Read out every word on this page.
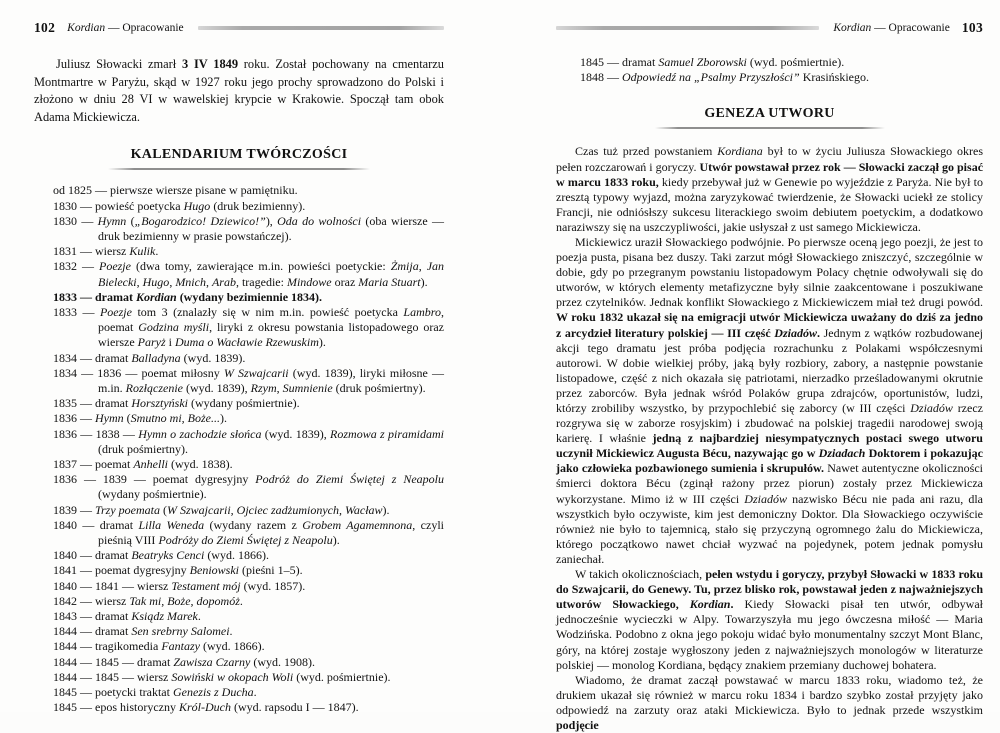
102 Kordian — Opracowanie

Juliusz Słowacki zmarł 3 IV 1849 roku. Został pochowany na cmentarzu Montmartre w Paryżu, skąd w 1927 roku jego prochy sprowadzono do Polski i złożono w dniu 28 VI w wawelskiej krypcie w Krakowie. Spoczął tam obok Adama Mickiewicza.

KALENDARIUM TWÓRCZOŚCI

od 1825 — pierwsze wiersze pisane w pamiętniku.

1830 — powieść poetycka Hugo (druk bezimienny).

1830 — Hymn („Bogarodzico! Dziewico!”), Oda do wolności (oba wiersze — druk bezimienny w prasie powstańczej).

1831 — wiersz Kulik.

1832 — Poezje (dwa tomy, zawierające m.in. powieści poetyckie: Żmija, Jan Bielecki, Hugo, Mnich, Arab, tragedie: Mindowe oraz Maria Stuart).

1833 — dramat Kordian (wydany bezimiennie 1834).

1833 — Poezje tom 3 (znalazły się w nim m.in. powieść poetycka Lambro, poemat Godzina myśli, liryki z okresu powstania listopadowego oraz wiersze Paryż i Duma o Wacławie Rzewuskim).

1834 — dramat Balladyna (wyd. 1839).

1834 — 1836 — poemat miłosny W Szwajcarii (wyd. 1839), liryki miłosne — m.in. Rozłączenie (wyd. 1839), Rzym, Sumnienie (druk pośmiertny).

1835 — dramat Horsztyński (wydany pośmiertnie).

1836 — Hymn (Smutno mi, Boże...).

1836 — 1838 — Hymn o zachodzie słońca (wyd. 1839), Rozmowa z piramidami (druk pośmiertny).

1837 — poemat Anhelli (wyd. 1838).

1836 — 1839 — poemat dygresyjny Podróż do Ziemi Świętej z Neapolu (wydany pośmiertnie).

1839 — Trzy poemata (W Szwajcarii, Ojciec zadżumionych, Wacław).

1840 — dramat Lilla Weneda (wydany razem z Grobem Agamemnona, czyli pieśnią VIII Podróży do Ziemi Świętej z Neapolu).

1840 — dramat Beatryks Cenci (wyd. 1866).

1841 — poemat dygresyjny Beniowski (pieśni 1–5).

1840 — 1841 — wiersz Testament mój (wyd. 1857).

1842 — wiersz Tak mi, Boże, dopomóż.

1843 — dramat Ksiądz Marek.

1844 — dramat Sen srebrny Salomei.

1844 — tragikomedia Fantazy (wyd. 1866).

1844 — 1845 — dramat Zawisza Czarny (wyd. 1908).

1844 — 1845 — wiersz Sowiński w okopach Woli (wyd. pośmiertnie).

1845 — poetycki traktat Genezis z Ducha.

1845 — epos historyczny Król-Duch (wyd. rapsodu I — 1847).

Kordian — Opracowanie 103

1845 — dramat Samuel Zborowski (wyd. pośmiertnie).

1848 — Odpowiedź na „Psalmy Przyszłości” Krasińskiego.

GENEZA UTWORU

Czas tuż przed powstaniem Kordiana był to w życiu Juliusza Słowackiego okres pełen rozczarowań i goryczy. Utwór powstawał przez rok — Słowacki zaczął go pisać w marcu 1833 roku, kiedy przebywał już w Genewie po wyjeździe z Paryża. Nie był to zresztą typowy wyjazd, można zaryzykować twierdzenie, że Słowacki uciekł ze stolicy Francji, nie odniósłszy sukcesu literackiego swoim debiutem poetyckim, a dodatkowo naraziwszy się na uszczypliwości, jakie usłyszał z ust samego Mickiewicza.

Mickiewicz uraził Słowackiego podwójnie. Po pierwsze oceną jego poezji, że jest to poezja pusta, pisana bez duszy. Taki zarzut mógł Słowackiego zniszczyć, szczególnie w dobie, gdy po przegranym powstaniu listopadowym Polacy chętnie odwoływali się do utworów, w których elementy metafizyczne były silnie zaakcentowane i poszukiwane przez czytelników. Jednak konflikt Słowackiego z Mickiewiczem miał też drugi powód. W roku 1832 ukazał się na emigracji utwór Mickiewicza uważany do dziś za jedno z arcydzieł literatury polskiej — III część Dziadów. Jednym z wątków rozbudowanej akcji tego dramatu jest próba podjęcia rozrachunku z Polakami współczesnymi autorowi. W dobie wielkiej próby, jaką były rozbiory, zabory, a następnie powstanie listopadowe, część z nich okazała się patriotami, nierzadko prześladowanymi okrutnie przez zaborców. Była jednak wśród Polaków grupa zdrajców, oportunistów, ludzi, którzy zrobiliby wszystko, by przypochlebić się zaborcy (w III części Dziadów rzecz rozgrywa się w zaborze rosyjskim) i zbudować na polskiej tragedii narodowej swoją karierę. I właśnie jedną z najbardziej niesympatycznych postaci swego utworu uczynił Mickiewicz Augusta Bécu, nazywając go w Dziadach Doktorem i pokazując jako człowieka pozbawionego sumienia i skrupułów. Nawet autentyczne okoliczności śmierci doktora Bécu (zginął rażony przez piorun) zostały przez Mickiewicza wykorzystane. Mimo iż w III części Dziadów nazwisko Bécu nie pada ani razu, dla wszystkich było oczywiste, kim jest demoniczny Doktor. Dla Słowackiego oczywiście również nie było to tajemnicą, stało się przyczyną ogromnego żalu do Mickiewicza, którego początkowo nawet chciał wyzwać na pojedynek, potem jednak pomysłu zaniechał.

W takich okolicznościach, pełen wstydu i goryczy, przybył Słowacki w 1833 roku do Szwajcarii, do Genewy. Tu, przez blisko rok, powstawał jeden z najważniejszych utworów Słowackiego, Kordian. Kiedy Słowacki pisał ten utwór, odbywał jednocześnie wycieczki w Alpy. Towarzyszyła mu jego ówczesna miłość — Maria Wodzińska. Podobno z okna jego pokoju widać było monumentalny szczyt Mont Blanc, góry, na której zostaje wygłoszony jeden z najważniejszych monologów w literaturze polskiej — monolog Kordiana, będący znakiem przemiany duchowej bohatera.

Wiadomo, że dramat zaczął powstawać w marcu 1833 roku, wiadomo też, że drukiem ukazał się również w marcu roku 1834 i bardzo szybko został przyjęty jako odpowiedź na zarzuty oraz ataki Mickiewicza. Było to jednak przede wszystkim podjęcie
